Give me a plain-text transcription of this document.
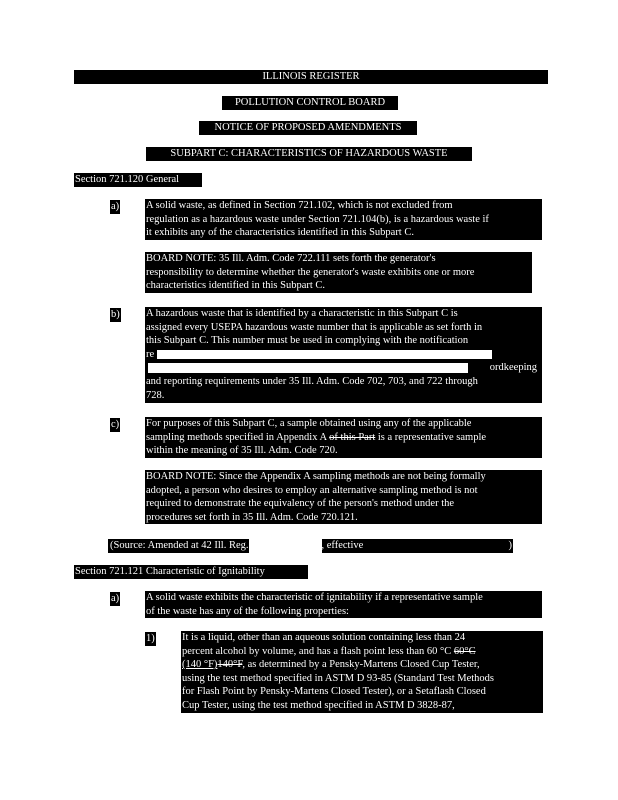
ILLINOIS REGISTER
POLLUTION CONTROL BOARD
NOTICE OF PROPOSED AMENDMENTS
SUBPART C: CHARACTERISTICS OF HAZARDOUS WASTE
Section 721.120 General
a)	A solid waste, as defined in Section 721.102, which is not excluded from
regulation as a hazardous waste under Section 721.104(b), is a hazardous waste if
it exhibits any of the characteristics identified in this Subpart C.
BOARD NOTE: 35 Ill. Adm. Code 722.111 sets forth the generator's
responsibility to determine whether the generator's waste exhibits one or more
characteristics identified in this Subpart C.
b)	A hazardous waste that is identified by a characteristic in this Subpart C is
assigned every USEPA hazardous waste number that is applicable as set forth in
this Subpart C. This number must be used in complying with the notification
re
ordkeeping
and reporting requirements under 35 Ill. Adm. Code 702, 703, and 722 through
728.
c)	For purposes of this Subpart C, a sample obtained using any of the applicable
sampling methods specified in Appendix A of this Part is a representative sample
within the meaning of 35 Ill. Adm. Code 720.
BOARD NOTE: Since the Appendix A sampling methods are not being formally
adopted, a person who desires to employ an alternative sampling method is not
required to demonstrate the equivalency of the person's method under the
procedures set forth in 35 Ill. Adm. Code 720.121.
(Source: Amended at 42 Ill. Reg.	, effective	)
Section 721.121 Characteristic of Ignitability
a)	A solid waste exhibits the characteristic of ignitability if a representative sample
of the waste has any of the following properties:
1)	It is a liquid, other than an aqueous solution containing less than 24
percent alcohol by volume, and has a flash point less than 60 °C 60°C
(140 °F)140°F, as determined by a Pensky-Martens Closed Cup Tester,
using the test method specified in ASTM D 93-85 (Standard Test Methods
for Flash Point by Pensky-Martens Closed Tester), or a Setaflash Closed
Cup Tester, using the test method specified in ASTM D 3828-87,
